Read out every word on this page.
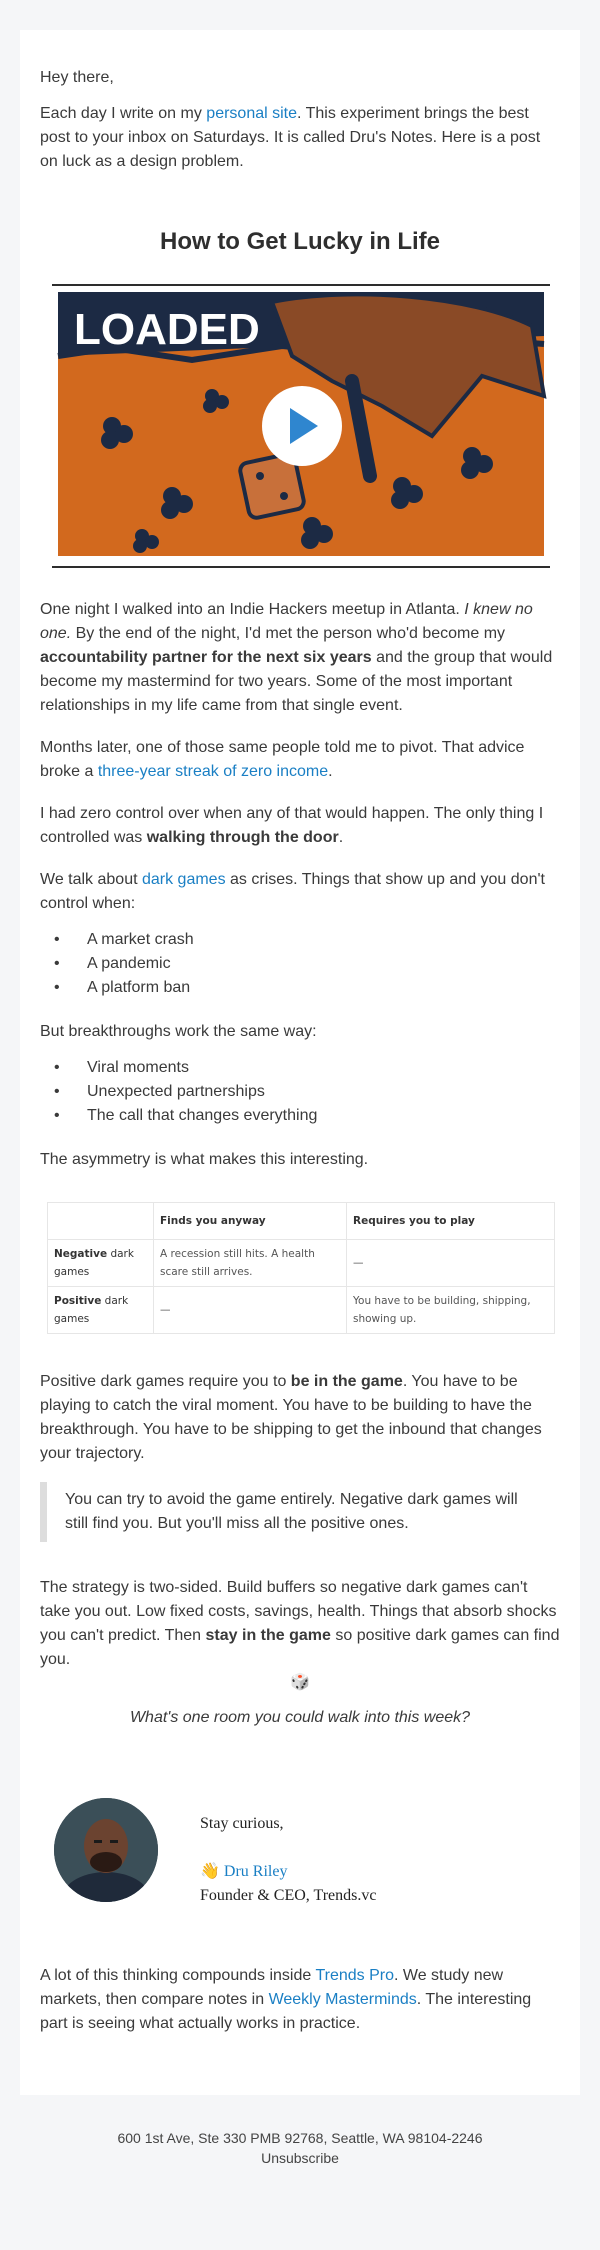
Hey there,

Each day I write on my personal site. This experiment brings the best post to your inbox on Saturdays. It is called Dru's Notes. Here is a post on luck as a design problem.

How to Get Lucky in Life
LOADED

One night I walked into an Indie Hackers meetup in Atlanta. I knew no one. By the end of the night, I'd met the person who'd become my accountability partner for the next six years and the group that would become my mastermind for two years. Some of the most important relationships in my life came from that single event.

Months later, one of those same people told me to pivot. That advice broke a three-year streak of zero income.

I had zero control over when any of that would happen. The only thing I controlled was walking through the door.

We talk about dark games as crises. Things that show up and you don't control when:

• A market crash
• A pandemic
• A platform ban

But breakthroughs work the same way:

• Viral moments
• Unexpected partnerships
• The call that changes everything

The asymmetry is what makes this interesting.

	Finds you anyway	Requires you to play
Negative dark games	A recession still hits. A health scare still arrives.	—
Positive dark games	—	You have to be building, shipping, showing up.

Positive dark games require you to be in the game. You have to be playing to catch the viral moment. You have to be building to have the breakthrough. You have to be shipping to get the inbound that changes your trajectory.

You can try to avoid the game entirely. Negative dark games will still find you. But you'll miss all the positive ones.

The strategy is two-sided. Build buffers so negative dark games can't take you out. Low fixed costs, savings, health. Things that absorb shocks you can't predict. Then stay in the game so positive dark games can find you.

🎲
What's one room you could walk into this week?
Stay curious,
👋 Dru Riley
Founder & CEO, Trends.vc

A lot of this thinking compounds inside Trends Pro. We study new markets, then compare notes in Weekly Masterminds. The interesting part is seeing what actually works in practice.

600 1st Ave, Ste 330 PMB 92768, Seattle, WA 98104-2246
Unsubscribe
